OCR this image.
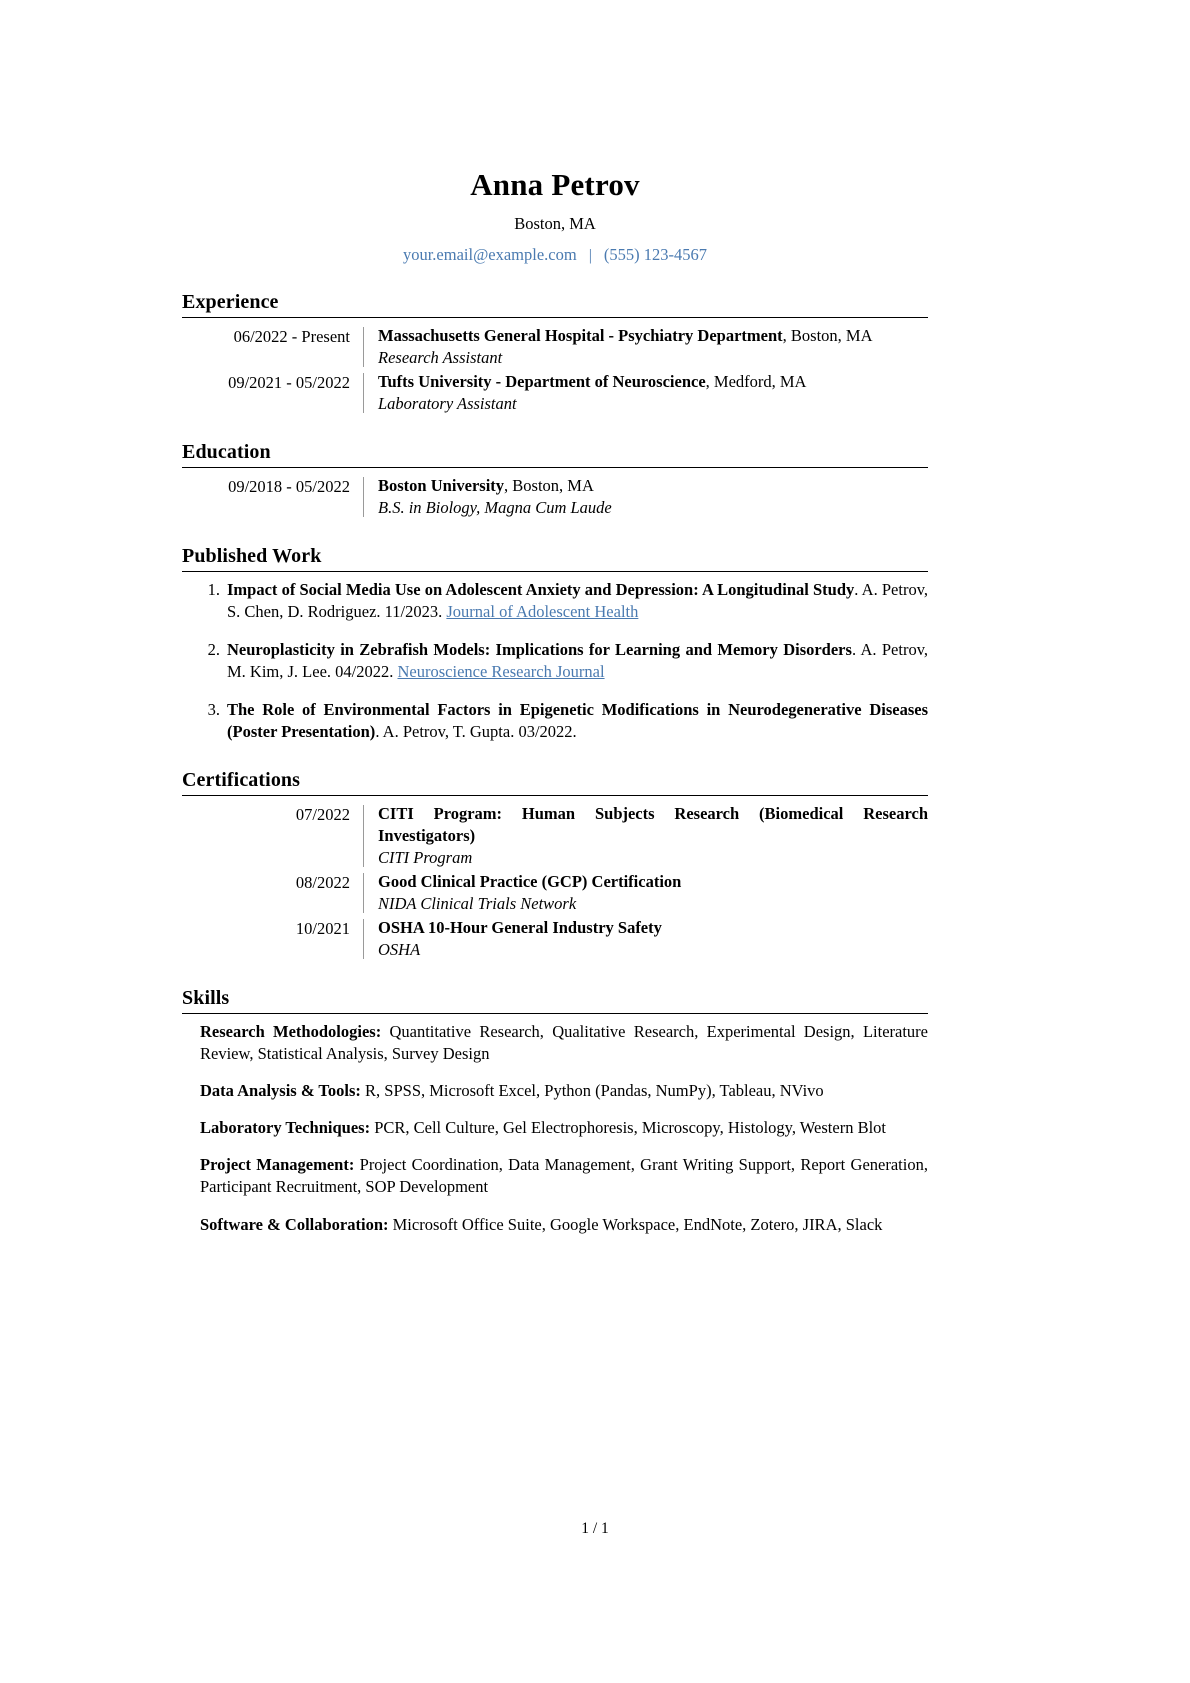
Anna Petrov
Boston, MA
your.email@example.com | (555) 123-4567
Experience
06/2022 - Present	Massachusetts General Hospital - Psychiatry Department, Boston, MA
Research Assistant
09/2021 - 05/2022	Tufts University - Department of Neuroscience, Medford, MA
Laboratory Assistant
Education
09/2018 - 05/2022	Boston University, Boston, MA
B.S. in Biology, Magna Cum Laude
Published Work
Impact of Social Media Use on Adolescent Anxiety and Depression: A Longitudinal Study. A. Petrov, S. Chen, D. Rodriguez. 11/2023. Journal of Adolescent Health
Neuroplasticity in Zebrafish Models: Implications for Learning and Memory Disorders. A. Petrov, M. Kim, J. Lee. 04/2022. Neuroscience Research Journal
The Role of Environmental Factors in Epigenetic Modifications in Neurodegenerative Diseases (Poster Presentation). A. Petrov, T. Gupta. 03/2022.
Certifications
07/2022	CITI Program: Human Subjects Research (Biomedical Research Investigators)
CITI Program
08/2022	Good Clinical Practice (GCP) Certification
NIDA Clinical Trials Network
10/2021	OSHA 10-Hour General Industry Safety
OSHA
Skills
Research Methodologies: Quantitative Research, Qualitative Research, Experimental Design, Literature Review, Statistical Analysis, Survey Design
Data Analysis & Tools: R, SPSS, Microsoft Excel, Python (Pandas, NumPy), Tableau, NVivo
Laboratory Techniques: PCR, Cell Culture, Gel Electrophoresis, Microscopy, Histology, Western Blot
Project Management: Project Coordination, Data Management, Grant Writing Support, Report Generation, Participant Recruitment, SOP Development
Software & Collaboration: Microsoft Office Suite, Google Workspace, EndNote, Zotero, JIRA, Slack
1 / 1
